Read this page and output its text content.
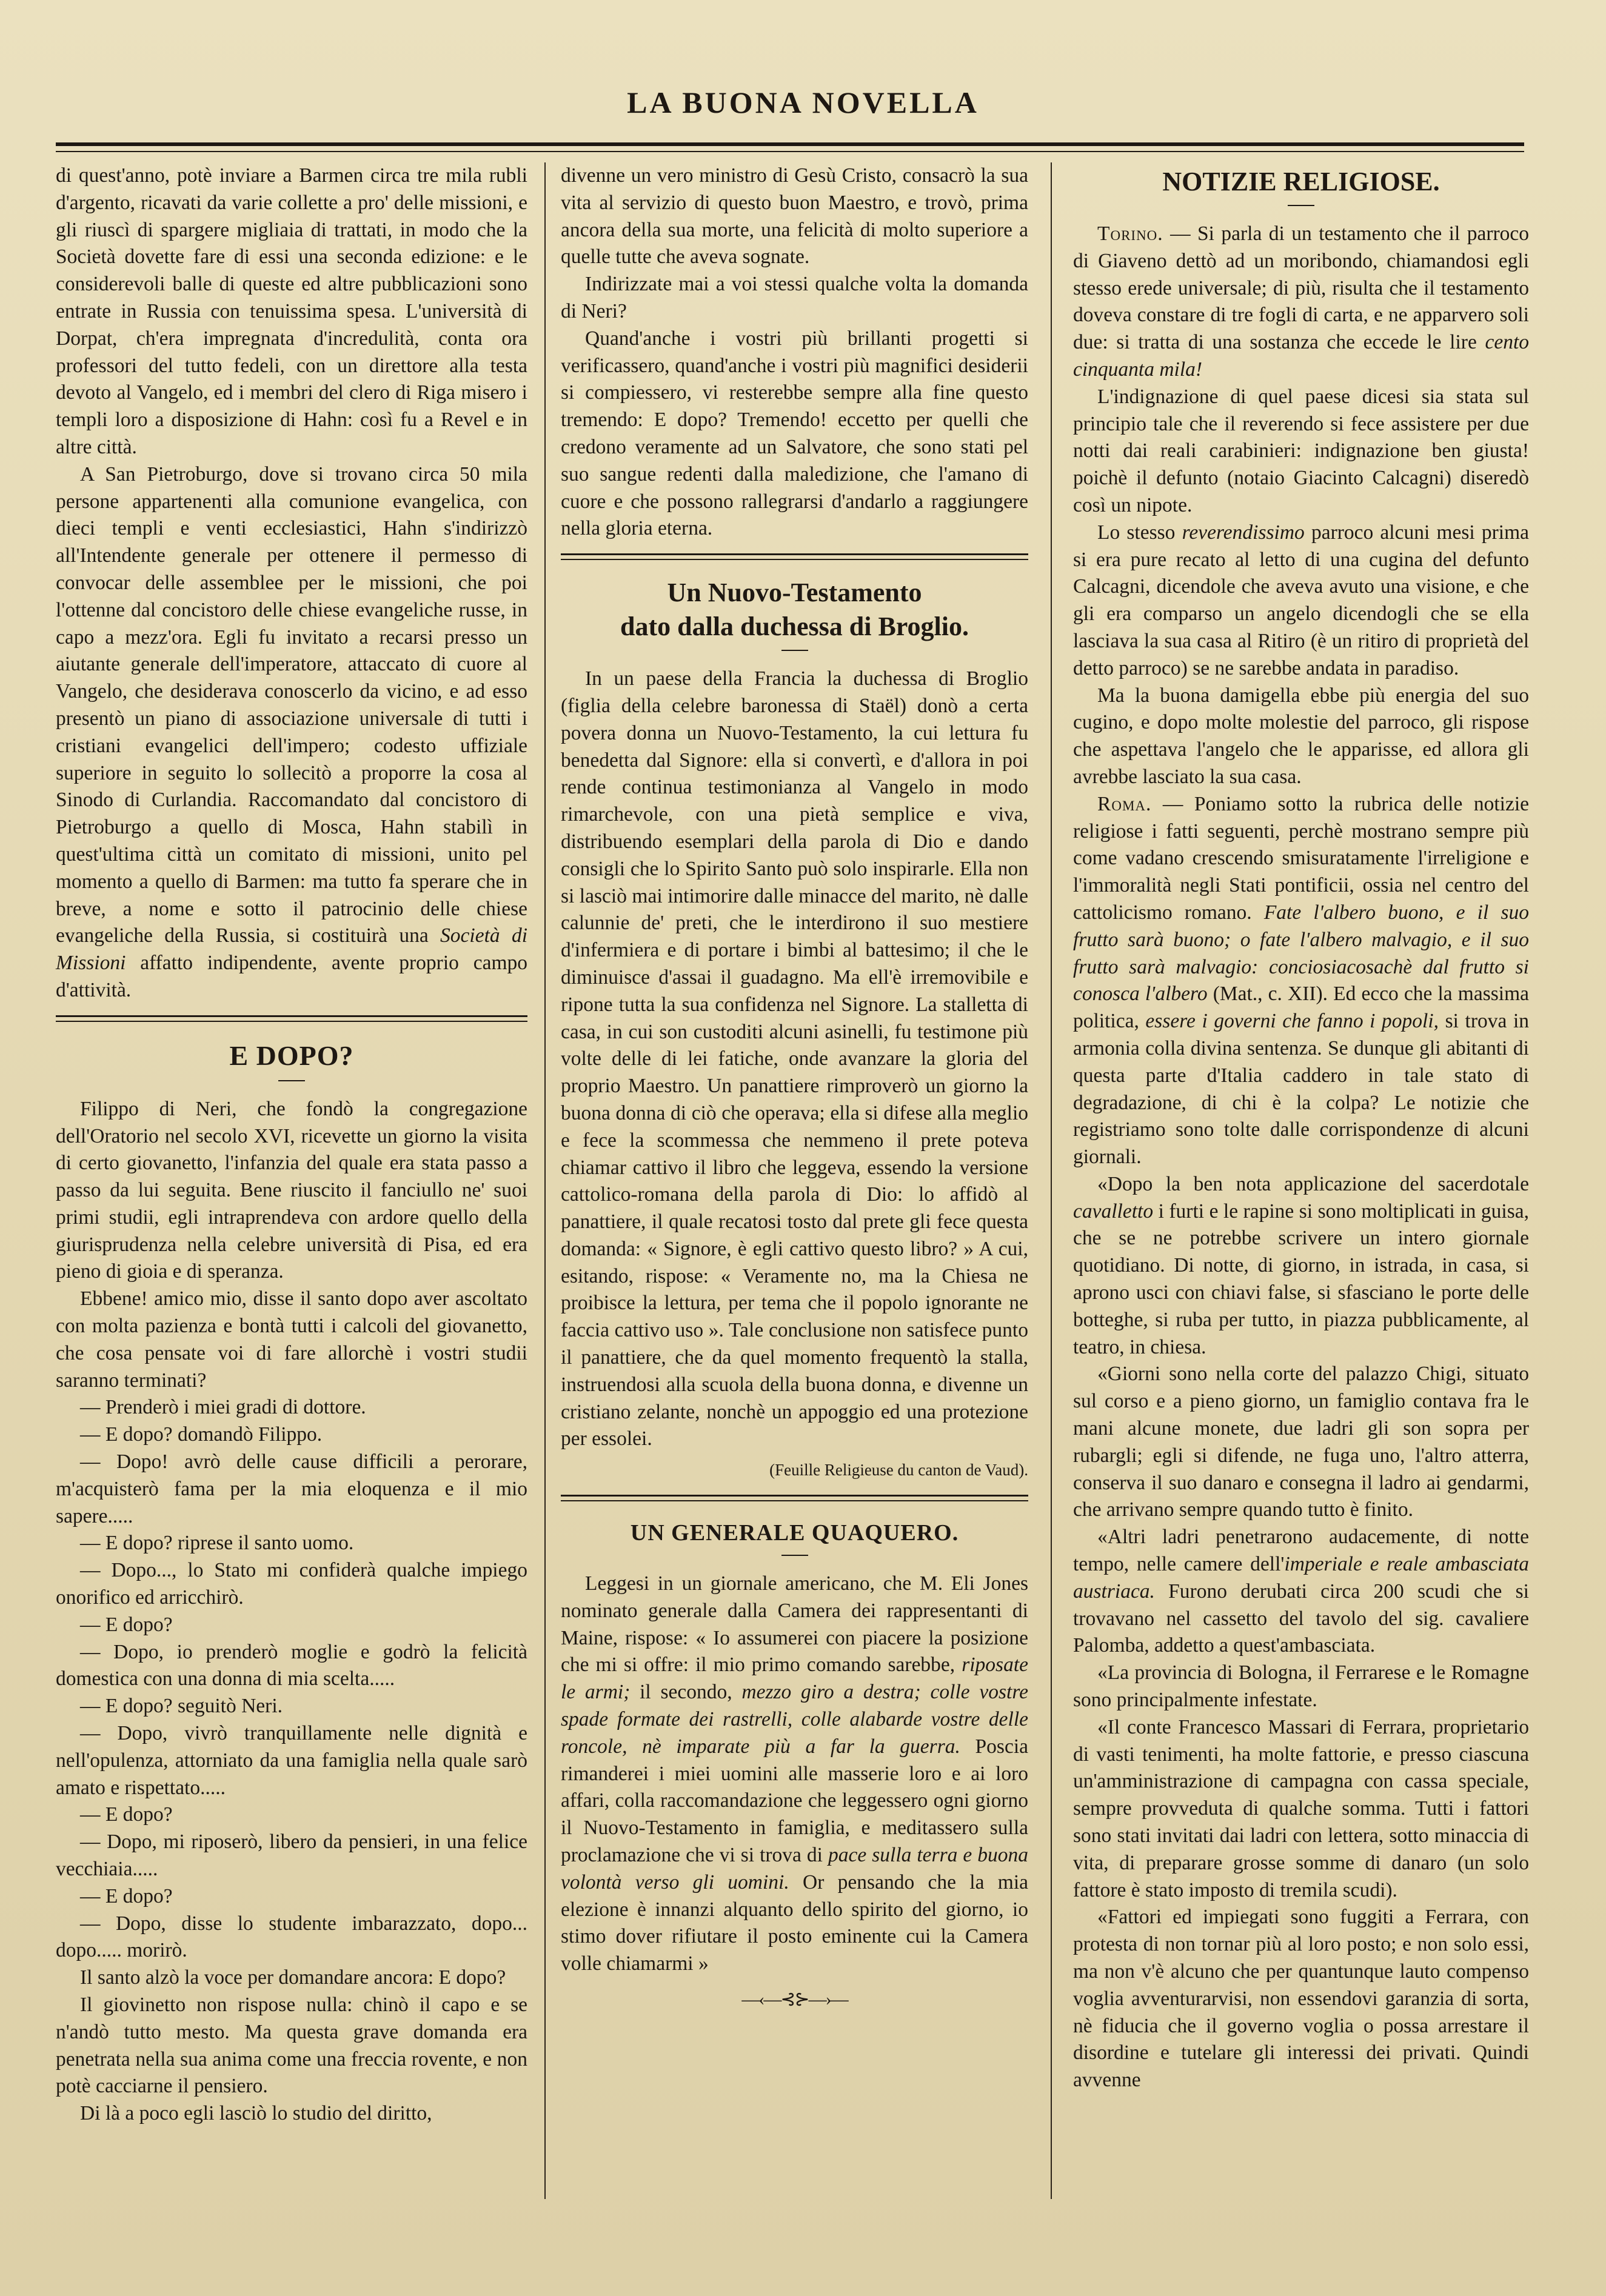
LA BUONA NOVELLA

di quest'anno, potè inviare a Barmen circa tre mila rubli d'argento, ricavati da varie collette a pro' delle missioni, e gli riuscì di spargere migliaia di trattati, in modo che la Società dovette fare di essi una seconda edizione: e le considerevoli balle di queste ed altre pubblicazioni sono entrate in Russia con tenuissima spesa. L'università di Dorpat, ch'era impregnata d'incredulità, conta ora professori del tutto fedeli, con un direttore alla testa devoto al Vangelo, ed i membri del clero di Riga misero i templi loro a disposizione di Hahn: così fu a Revel e in altre città.

A San Pietroburgo, dove si trovano circa 50 mila persone appartenenti alla comunione evangelica, con dieci templi e venti ecclesiastici, Hahn s'indirizzò all'Intendente generale per ottenere il permesso di convocar delle assemblee per le missioni, che poi l'ottenne dal concistoro delle chiese evangeliche russe, in capo a mezz'ora. Egli fu invitato a recarsi presso un aiutante generale dell'imperatore, attaccato di cuore al Vangelo, che desiderava conoscerlo da vicino, e ad esso presentò un piano di associazione universale di tutti i cristiani evangelici dell'impero; codesto uffiziale superiore in seguito lo sollecitò a proporre la cosa al Sinodo di Curlandia. Raccomandato dal concistoro di Pietroburgo a quello di Mosca, Hahn stabilì in quest'ultima città un comitato di missioni, unito pel momento a quello di Barmen: ma tutto fa sperare che in breve, a nome e sotto il patrocinio delle chiese evangeliche della Russia, si costituirà una Società di Missioni affatto indipendente, avente proprio campo d'attività.

E DOPO?

Filippo di Neri, che fondò la congregazione dell'Oratorio nel secolo XVI, ricevette un giorno la visita di certo giovanetto, l'infanzia del quale era stata passo a passo da lui seguita. Bene riuscito il fanciullo ne' suoi primi studii, egli intraprendeva con ardore quello della giurisprudenza nella celebre università di Pisa, ed era pieno di gioia e di speranza.

Ebbene! amico mio, disse il santo dopo aver ascoltato con molta pazienza e bontà tutti i calcoli del giovanetto, che cosa pensate voi di fare allorchè i vostri studii saranno terminati?

— Prenderò i miei gradi di dottore.

— E dopo? domandò Filippo.

— Dopo! avrò delle cause difficili a perorare, m'acquisterò fama per la mia eloquenza e il mio sapere.....

— E dopo? riprese il santo uomo.

— Dopo..., lo Stato mi confiderà qualche impiego onorifico ed arricchirò.

— E dopo?

— Dopo, io prenderò moglie e godrò la felicità domestica con una donna di mia scelta.....

— E dopo? seguitò Neri.

— Dopo, vivrò tranquillamente nelle dignità e nell'opulenza, attorniato da una famiglia nella quale sarò amato e rispettato.....

— E dopo?

— Dopo, mi riposerò, libero da pensieri, in una felice vecchiaia.....

— E dopo?

— Dopo, disse lo studente imbarazzato, dopo... dopo..... morirò.

Il santo alzò la voce per domandare ancora: E dopo?

Il giovinetto non rispose nulla: chinò il capo e se n'andò tutto mesto. Ma questa grave domanda era penetrata nella sua anima come una freccia rovente, e non potè cacciarne il pensiero.

Di là a poco egli lasciò lo studio del diritto,

divenne un vero ministro di Gesù Cristo, consacrò la sua vita al servizio di questo buon Maestro, e trovò, prima ancora della sua morte, una felicità di molto superiore a quelle tutte che aveva sognate.

Indirizzate mai a voi stessi qualche volta la domanda di Neri?

Quand'anche i vostri più brillanti progetti si verificassero, quand'anche i vostri più magnifici desiderii si compiessero, vi resterebbe sempre alla fine questo tremendo: E dopo? Tremendo! eccetto per quelli che credono veramente ad un Salvatore, che sono stati pel suo sangue redenti dalla maledizione, che l'amano di cuore e che possono rallegrarsi d'andarlo a raggiungere nella gloria eterna.

Un Nuovo-Testamento

dato dalla duchessa di Broglio.

In un paese della Francia la duchessa di Broglio (figlia della celebre baronessa di Staël) donò a certa povera donna un Nuovo-Testamento, la cui lettura fu benedetta dal Signore: ella si convertì, e d'allora in poi rende continua testimonianza al Vangelo in modo rimarchevole, con una pietà semplice e viva, distribuendo esemplari della parola di Dio e dando consigli che lo Spirito Santo può solo inspirarle. Ella non si lasciò mai intimorire dalle minacce del marito, nè dalle calunnie de' preti, che le interdirono il suo mestiere d'infermiera e di portare i bimbi al battesimo; il che le diminuisce d'assai il guadagno. Ma ell'è irremovibile e ripone tutta la sua confidenza nel Signore. La stalletta di casa, in cui son custoditi alcuni asinelli, fu testimone più volte delle di lei fatiche, onde avanzare la gloria del proprio Maestro. Un panattiere rimproverò un giorno la buona donna di ciò che operava; ella si difese alla meglio e fece la scommessa che nemmeno il prete poteva chiamar cattivo il libro che leggeva, essendo la versione cattolico-romana della parola di Dio: lo affidò al panattiere, il quale recatosi tosto dal prete gli fece questa domanda: « Signore, è egli cattivo questo libro? » A cui, esitando, rispose: « Veramente no, ma la Chiesa ne proibisce la lettura, per tema che il popolo ignorante ne faccia cattivo uso ». Tale conclusione non satisfece punto il panattiere, che da quel momento frequentò la stalla, instruendosi alla scuola della buona donna, e divenne un cristiano zelante, nonchè un appoggio ed una protezione per essolei.

(Feuille Religieuse du canton de Vaud).

UN GENERALE QUAQUERO.

Leggesi in un giornale americano, che M. Eli Jones nominato generale dalla Camera dei rappresentanti di Maine, rispose: « Io assumerei con piacere la posizione che mi si offre: il mio primo comando sarebbe, riposate le armi; il secondo, mezzo giro a destra; colle vostre spade formate dei rastrelli, colle alabarde vostre delle roncole, nè imparate più a far la guerra. Poscia rimanderei i miei uomini alle masserie loro e ai loro affari, colla raccomandazione che leggessero ogni giorno il Nuovo-Testamento in famiglia, e meditassero sulla proclamazione che vi si trova di pace sulla terra e buona volontà verso gli uomini. Or pensando che la mia elezione è innanzi alquanto dello spirito del giorno, io stimo dover rifiutare il posto eminente cui la Camera volle chiamarmi »

—‹—⊰⊱—›—

NOTIZIE RELIGIOSE.

Torino. — Si parla di un testamento che il parroco di Giaveno dettò ad un moribondo, chiamandosi egli stesso erede universale; di più, risulta che il testamento doveva constare di tre fogli di carta, e ne apparvero soli due: si tratta di una sostanza che eccede le lire cento cinquanta mila!

L'indignazione di quel paese dicesi sia stata sul principio tale che il reverendo si fece assistere per due notti dai reali carabinieri: indignazione ben giusta! poichè il defunto (notaio Giacinto Calcagni) diseredò così un nipote.

Lo stesso reverendissimo parroco alcuni mesi prima si era pure recato al letto di una cugina del defunto Calcagni, dicendole che aveva avuto una visione, e che gli era comparso un angelo dicendogli che se ella lasciava la sua casa al Ritiro (è un ritiro di proprietà del detto parroco) se ne sarebbe andata in paradiso.

Ma la buona damigella ebbe più energia del suo cugino, e dopo molte molestie del parroco, gli rispose che aspettava l'angelo che le apparisse, ed allora gli avrebbe lasciato la sua casa.

Roma. — Poniamo sotto la rubrica delle notizie religiose i fatti seguenti, perchè mostrano sempre più come vadano crescendo smisuratamente l'irreligione e l'immoralità negli Stati pontificii, ossia nel centro del cattolicismo romano. Fate l'albero buono, e il suo frutto sarà buono; o fate l'albero malvagio, e il suo frutto sarà malvagio: conciosiacosachè dal frutto si conosca l'albero (Mat., c. XII). Ed ecco che la massima politica, essere i governi che fanno i popoli, si trova in armonia colla divina sentenza. Se dunque gli abitanti di questa parte d'Italia caddero in tale stato di degradazione, di chi è la colpa? Le notizie che registriamo sono tolte dalle corrispondenze di alcuni giornali.

«Dopo la ben nota applicazione del sacerdotale cavalletto i furti e le rapine si sono moltiplicati in guisa, che se ne potrebbe scrivere un intero giornale quotidiano. Di notte, di giorno, in istrada, in casa, si aprono usci con chiavi false, si sfasciano le porte delle botteghe, si ruba per tutto, in piazza pubblicamente, al teatro, in chiesa.

«Giorni sono nella corte del palazzo Chigi, situato sul corso e a pieno giorno, un famiglio contava fra le mani alcune monete, due ladri gli son sopra per rubargli; egli si difende, ne fuga uno, l'altro atterra, conserva il suo danaro e consegna il ladro ai gendarmi, che arrivano sempre quando tutto è finito.

«Altri ladri penetrarono audacemente, di notte tempo, nelle camere dell'imperiale e reale ambasciata austriaca. Furono derubati circa 200 scudi che si trovavano nel cassetto del tavolo del sig. cavaliere Palomba, addetto a quest'ambasciata.

«La provincia di Bologna, il Ferrarese e le Romagne sono principalmente infestate.

«Il conte Francesco Massari di Ferrara, proprietario di vasti tenimenti, ha molte fattorie, e presso ciascuna un'amministrazione di campagna con cassa speciale, sempre provveduta di qualche somma. Tutti i fattori sono stati invitati dai ladri con lettera, sotto minaccia di vita, di preparare grosse somme di danaro (un solo fattore è stato imposto di tremila scudi).

«Fattori ed impiegati sono fuggiti a Ferrara, con protesta di non tornar più al loro posto; e non solo essi, ma non v'è alcuno che per quantunque lauto compenso voglia avventurarvisi, non essendovi garanzia di sorta, nè fiducia che il governo voglia o possa arrestare il disordine e tutelare gli interessi dei privati. Quindi avvenne
